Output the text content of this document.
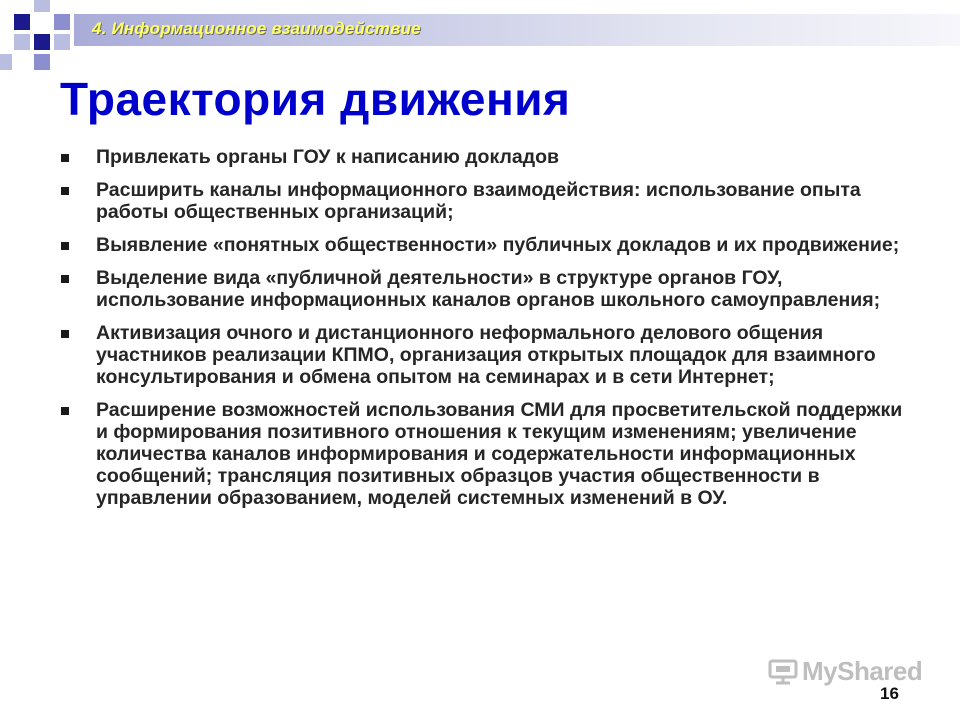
4. Информационное взаимодействие
Траектория движения
Привлекать органы ГОУ к написанию докладов
Расширить каналы информационного взаимодействия: использование опыта работы общественных организаций;
Выявление «понятных общественности» публичных докладов и их продвижение;
Выделение вида «публичной деятельности» в структуре органов ГОУ, использование информационных каналов органов школьного самоуправления;
Активизация очного и дистанционного неформального делового общения участников реализации КПМО, организация открытых площадок для взаимного консультирования и обмена опытом на семинарах и в сети Интернет;
Расширение возможностей использования СМИ для просветительской поддержки и формирования позитивного отношения к текущим изменениям; увеличение количества каналов информирования и содержательности информационных сообщений; трансляция позитивных образцов участия общественности в управлении образованием, моделей системных изменений в ОУ.
MyShared
16
